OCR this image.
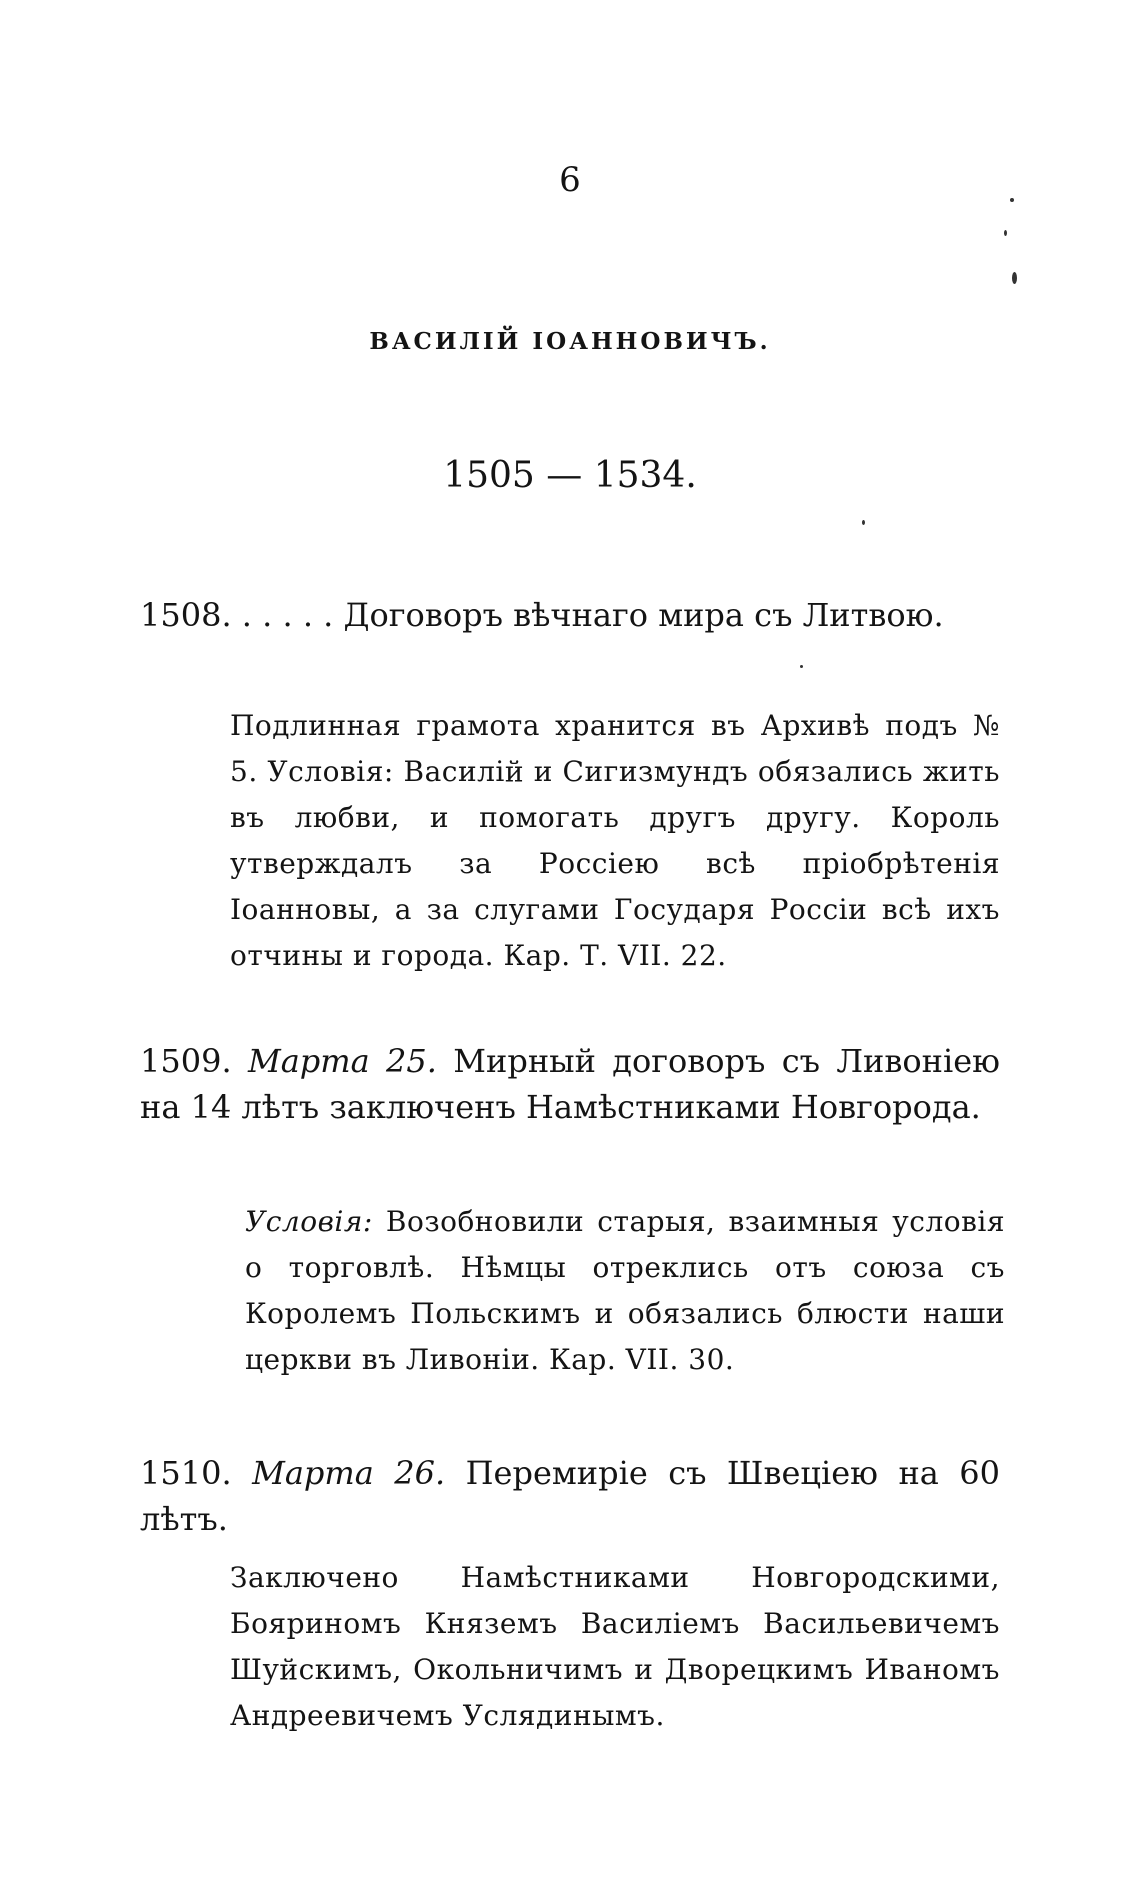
6
ВАСИЛІЙ ІОАННОВИЧЪ.
1505 — 1534.
1508. . . . . . Договоръ вѣчнаго мира съ Литвою.
Подлинная грамота хранится въ Архивѣ подъ № 5. Условія: Василій и Сигизмундъ обязались жить въ любви, и помогать другъ другу. Король утверждалъ за Россіею всѣ пріобрѣтенія Іоанновы, а за слугами Государя Россіи всѣ ихъ отчины и города. Кар. Т. VII. 22.
1509. Марта 25. Мирный договоръ съ Ливоніею на 14 лѣтъ заключенъ Намѣстниками Новгорода.
Условія: Возобновили старыя, взаимныя условія о торговлѣ. Нѣмцы отреклись отъ союза съ Королемъ Польскимъ и обязались блюсти наши церкви въ Ливоніи. Кар. VII. 30.
1510. Марта 26. Перемиріе съ Швеціею на 60 лѣтъ.
Заключено Намѣстниками Новгородскими, Бояриномъ Княземъ Василіемъ Васильевичемъ Шуйскимъ, Окольничимъ и Дворецкимъ Иваномъ Андреевичемъ Услядинымъ.
